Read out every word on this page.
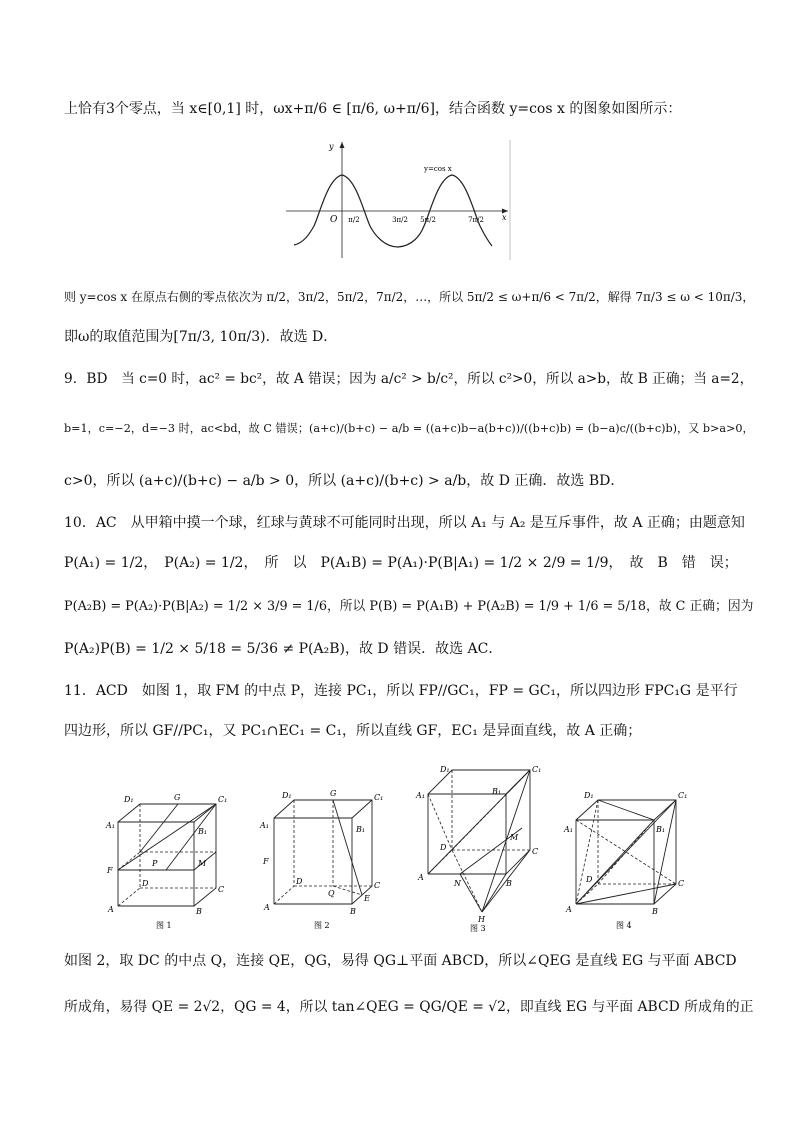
上恰有3个零点，当 x∈[0,1] 时，ωx+π/6 ∈ [π/6, ω+π/6]，结合函数 y=cos x 的图象如图所示：
y
x
O
y=cos x
π/2	3π/2 5π/2	7π/2
则 y=cos x 在原点右侧的零点依次为 π/2，3π/2，5π/2，7π/2，…，所以 5π/2 ≤ ω+π/6 < 7π/2，解得 7π/3 ≤ ω < 10π/3，
即ω的取值范围为[7π/3, 10π/3)．故选 D．
9．BD　当 c=0 时，ac² = bc²，故 A 错误；因为 a/c² > b/c²，所以 c²>0，所以 a>b，故 B 正确；当 a=2，
b=1，c=−2，d=−3 时，ac<bd，故 C 错误；(a+c)/(b+c) − a/b = ((a+c)b−a(b+c))/((b+c)b) = (b−a)c/((b+c)b)，又 b>a>0，
c>0，所以 (a+c)/(b+c) − a/b > 0，所以 (a+c)/(b+c) > a/b，故 D 正确．故选 BD．
10．AC　从甲箱中摸一个球，红球与黄球不可能同时出现，所以 A₁ 与 A₂ 是互斥事件，故 A 正确；由题意知
P(A₁) = 1/2，　P(A₂) = 1/2，　所　以　P(A₁B) = P(A₁)·P(B|A₁) = 1/2 × 2/9 = 1/9，　故　B　错　误；
P(A₂B) = P(A₂)·P(B|A₂) = 1/2 × 3/9 = 1/6，所以 P(B) = P(A₁B) + P(A₂B) = 1/9 + 1/6 = 5/18，故 C 正确；因为
P(A₂)P(B) = 1/2 × 5/18 = 5/36 ≠ P(A₂B)，故 D 错误．故选 AC．
11．ACD　如图 1，取 FM 的中点 P，连接 PC₁，所以 FP//GC₁，FP = GC₁，所以四边形 FPC₁G 是平行
四边形，所以 GF//PC₁，又 PC₁∩EC₁ = C₁，所以直线 GF，EC₁ 是异面直线，故 A 正确；
D₁	G	C₁
A₁
B₁
F
P	M
D
C
A	B
图 1
D₁	G	C₁
A₁	B₁
F
D
Q
C
A	B
E
图 2
D₁	C₁
A₁	B₁
M
D	C
A
N	B
H
图 3
D₁	C₁
A₁	B₁
D	C
A	B
图 4
如图 2，取 DC 的中点 Q，连接 QE，QG，易得 QG⊥平面 ABCD，所以∠QEG 是直线 EG 与平面 ABCD
所成角，易得 QE = 2√2，QG = 4，所以 tan∠QEG = QG/QE = √2，即直线 EG 与平面 ABCD 所成角的正
